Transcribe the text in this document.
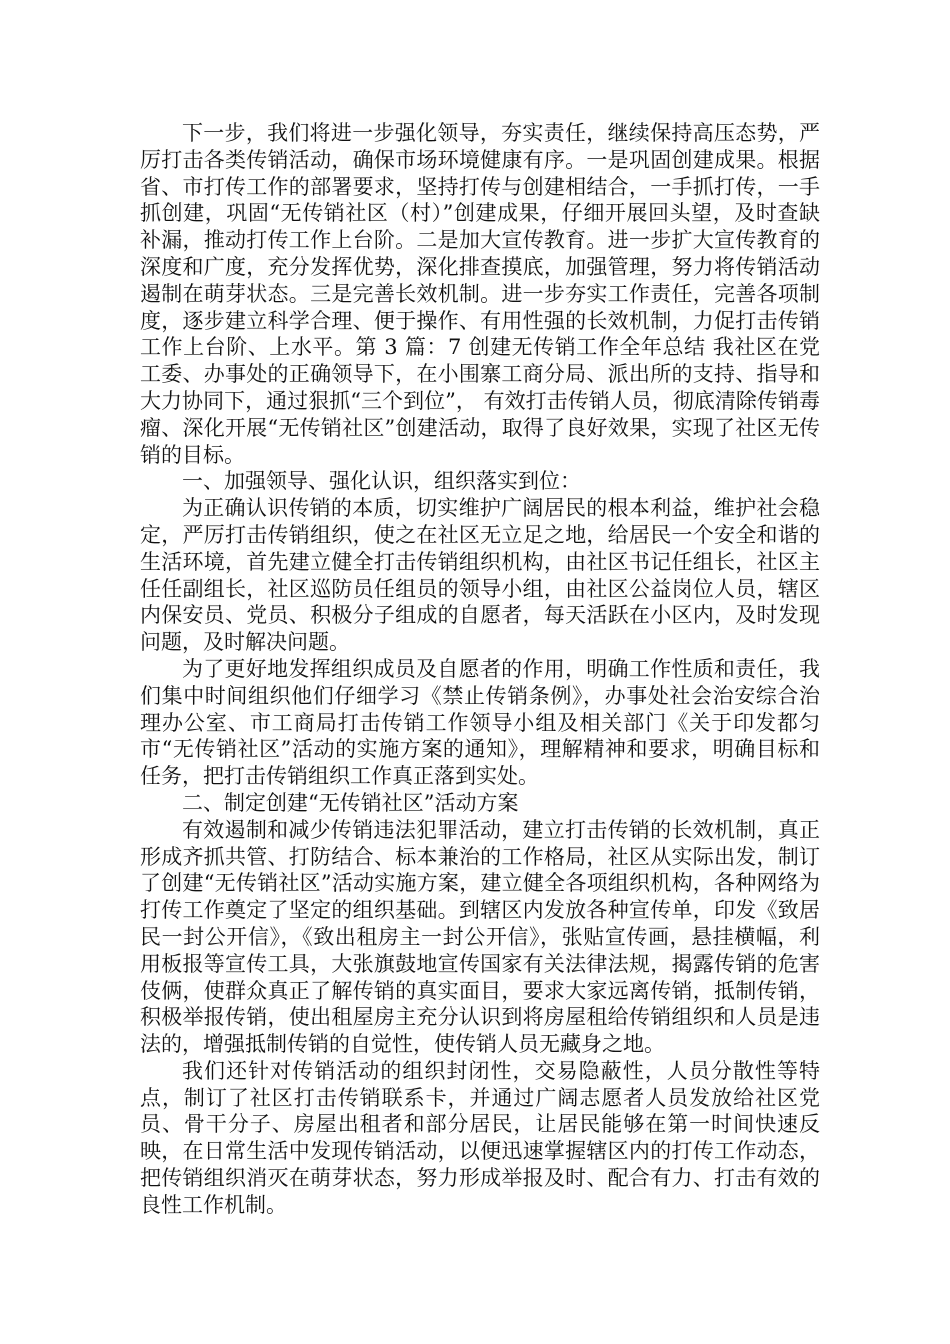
下一步，我们将进一步强化领导，夯实责任，继续保持高压态势，严厉打击各类传销活动，确保市场环境健康有序。一是巩固创建成果。根据省、市打传工作的部署要求，坚持打传与创建相结合，一手抓打传，一手抓创建，巩固“无传销社区（村）”创建成果，仔细开展回头望，及时查缺补漏，推动打传工作上台阶。二是加大宣传教育。进一步扩大宣传教育的深度和广度，充分发挥优势，深化排查摸底，加强管理，努力将传销活动遏制在萌芽状态。三是完善长效机制。进一步夯实工作责任，完善各项制度，逐步建立科学合理、便于操作、有用性强的长效机制，力促打击传销工作上台阶、上水平。第 3 篇：7 创建无传销工作全年总结 我社区在党工委、办事处的正确领导下，在小围寨工商分局、派出所的支持、指导和大力协同下，通过狠抓“三个到位”， 有效打击传销人员，彻底清除传销毒瘤、深化开展“无传销社区”创建活动，取得了良好效果，实现了社区无传销的目标。

一、加强领导、强化认识，组织落实到位：

为正确认识传销的本质，切实维护广阔居民的根本利益，维护社会稳定，严厉打击传销组织，使之在社区无立足之地，给居民一个安全和谐的生活环境，首先建立健全打击传销组织机构，由社区书记任组长，社区主任任副组长，社区巡防员任组员的领导小组，由社区公益岗位人员，辖区内保安员、党员、积极分子组成的自愿者，每天活跃在小区内，及时发现问题，及时解决问题。

为了更好地发挥组织成员及自愿者的作用，明确工作性质和责任，我们集中时间组织他们仔细学习《禁止传销条例》，办事处社会治安综合治理办公室、市工商局打击传销工作领导小组及相关部门《关于印发都匀市“无传销社区”活动的实施方案的通知》，理解精神和要求，明确目标和任务，把打击传销组织工作真正落到实处。

二、制定创建“无传销社区”活动方案

有效遏制和减少传销违法犯罪活动，建立打击传销的长效机制，真正形成齐抓共管、打防结合、标本兼治的工作格局，社区从实际出发，制订了创建“无传销社区”活动实施方案，建立健全各项组织机构，各种网络为打传工作奠定了坚定的组织基础。到辖区内发放各种宣传单，印发《致居民一封公开信》，《致出租房主一封公开信》，张贴宣传画，悬挂横幅，利用板报等宣传工具，大张旗鼓地宣传国家有关法律法规，揭露传销的危害伎俩，使群众真正了解传销的真实面目，要求大家远离传销，抵制传销，积极举报传销，使出租屋房主充分认识到将房屋租给传销组织和人员是违法的，增强抵制传销的自觉性，使传销人员无藏身之地。

我们还针对传销活动的组织封闭性，交易隐蔽性，人员分散性等特点，制订了社区打击传销联系卡，并通过广阔志愿者人员发放给社区党员、骨干分子、房屋出租者和部分居民，让居民能够在第一时间快速反映，在日常生活中发现传销活动，以便迅速掌握辖区内的打传工作动态，把传销组织消灭在萌芽状态，努力形成举报及时、配合有力、打击有效的良性工作机制。
